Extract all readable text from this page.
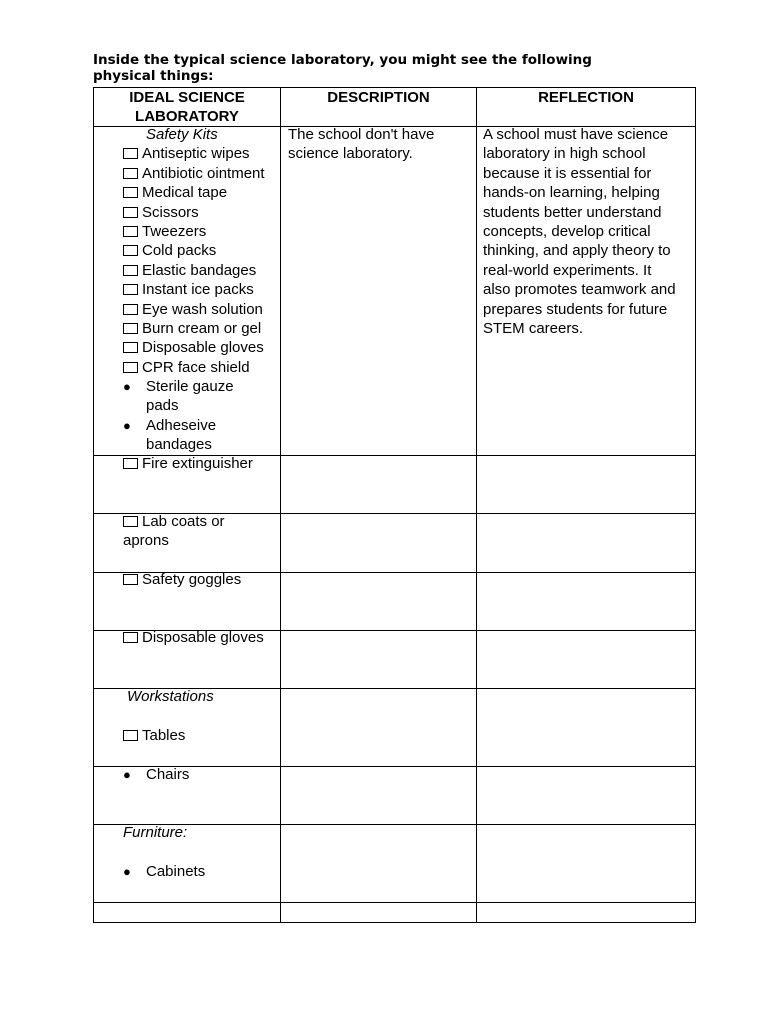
Inside the typical science laboratory, you might see the following physical things:
IDEAL SCIENCE
LABORATORY
DESCRIPTION	REFLECTION
Safety Kits
Antiseptic wipes
Antibiotic ointment
Medical tape
Scissors
Tweezers
Cold packs
Elastic bandages
Instant ice packs
Eye wash solution
Burn cream or gel
Disposable gloves
CPR face shield
● Sterile gauze
pads
● Adheseive
bandages
The school don't have
science laboratory.
A school must have science
laboratory in high school
because it is essential for
hands-on learning, helping
students better understand
concepts, develop critical
thinking, and apply theory to
real-world experiments. It
also promotes teamwork and
prepares students for future
STEM careers.
Fire extinguisher
Lab coats or
aprons
Safety goggles
Disposable gloves
Workstations
Tables
● Chairs
Furniture:
● Cabinets
